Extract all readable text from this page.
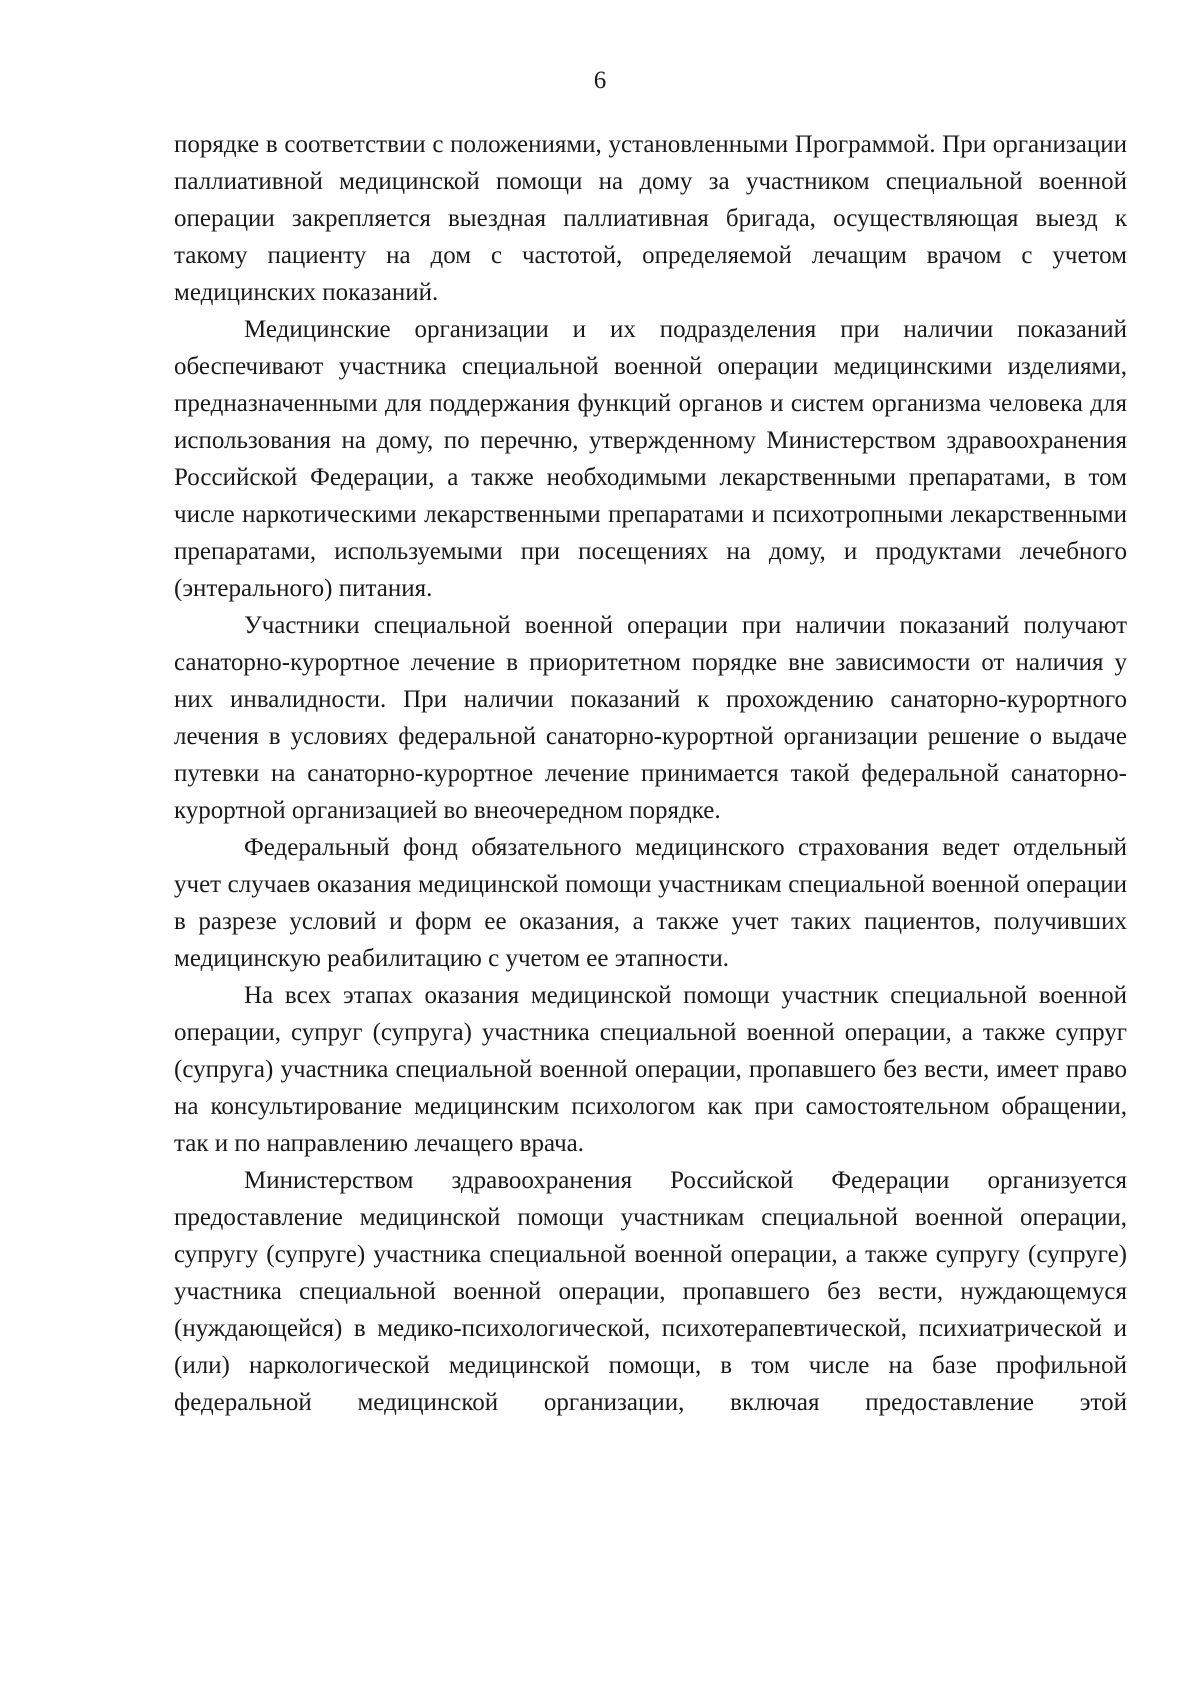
6

порядке в соответствии с положениями, установленными Программой. При организации паллиативной медицинской помощи на дому за участником специальной военной операции закрепляется выездная паллиативная бригада, осуществляющая выезд к такому пациенту на дом с частотой, определяемой лечащим врачом с учетом медицинских показаний.

Медицинские организации и их подразделения при наличии показаний обеспечивают участника специальной военной операции медицинскими изделиями, предназначенными для поддержания функций органов и систем организма человека для использования на дому, по перечню, утвержденному Министерством здравоохранения Российской Федерации, а также необходимыми лекарственными препаратами, в том числе наркотическими лекарственными препаратами и психотропными лекарственными препаратами, используемыми при посещениях на дому, и продуктами лечебного (энтерального) питания.

Участники специальной военной операции при наличии показаний получают санаторно-курортное лечение в приоритетном порядке вне зависимости от наличия у них инвалидности. При наличии показаний к прохождению санаторно-курортного лечения в условиях федеральной санаторно-курортной организации решение о выдаче путевки на санаторно-курортное лечение принимается такой федеральной санаторно-курортной организацией во внеочередном порядке.

Федеральный фонд обязательного медицинского страхования ведет отдельный учет случаев оказания медицинской помощи участникам специальной военной операции в разрезе условий и форм ее оказания, а также учет таких пациентов, получивших медицинскую реабилитацию с учетом ее этапности.

На всех этапах оказания медицинской помощи участник специальной военной операции, супруг (супруга) участника специальной военной операции, а также супруг (супруга) участника специальной военной операции, пропавшего без вести, имеет право на консультирование медицинским психологом как при самостоятельном обращении, так и по направлению лечащего врача.

Министерством здравоохранения Российской Федерации организуется предоставление медицинской помощи участникам специальной военной операции, супругу (супруге) участника специальной военной операции, а также супругу (супруге) участника специальной военной операции, пропавшего без вести, нуждающемуся (нуждающейся) в медико-психологической, психотерапевтической, психиатрической и (или) наркологической медицинской помощи, в том числе на базе профильной федеральной медицинской организации, включая предоставление этой
